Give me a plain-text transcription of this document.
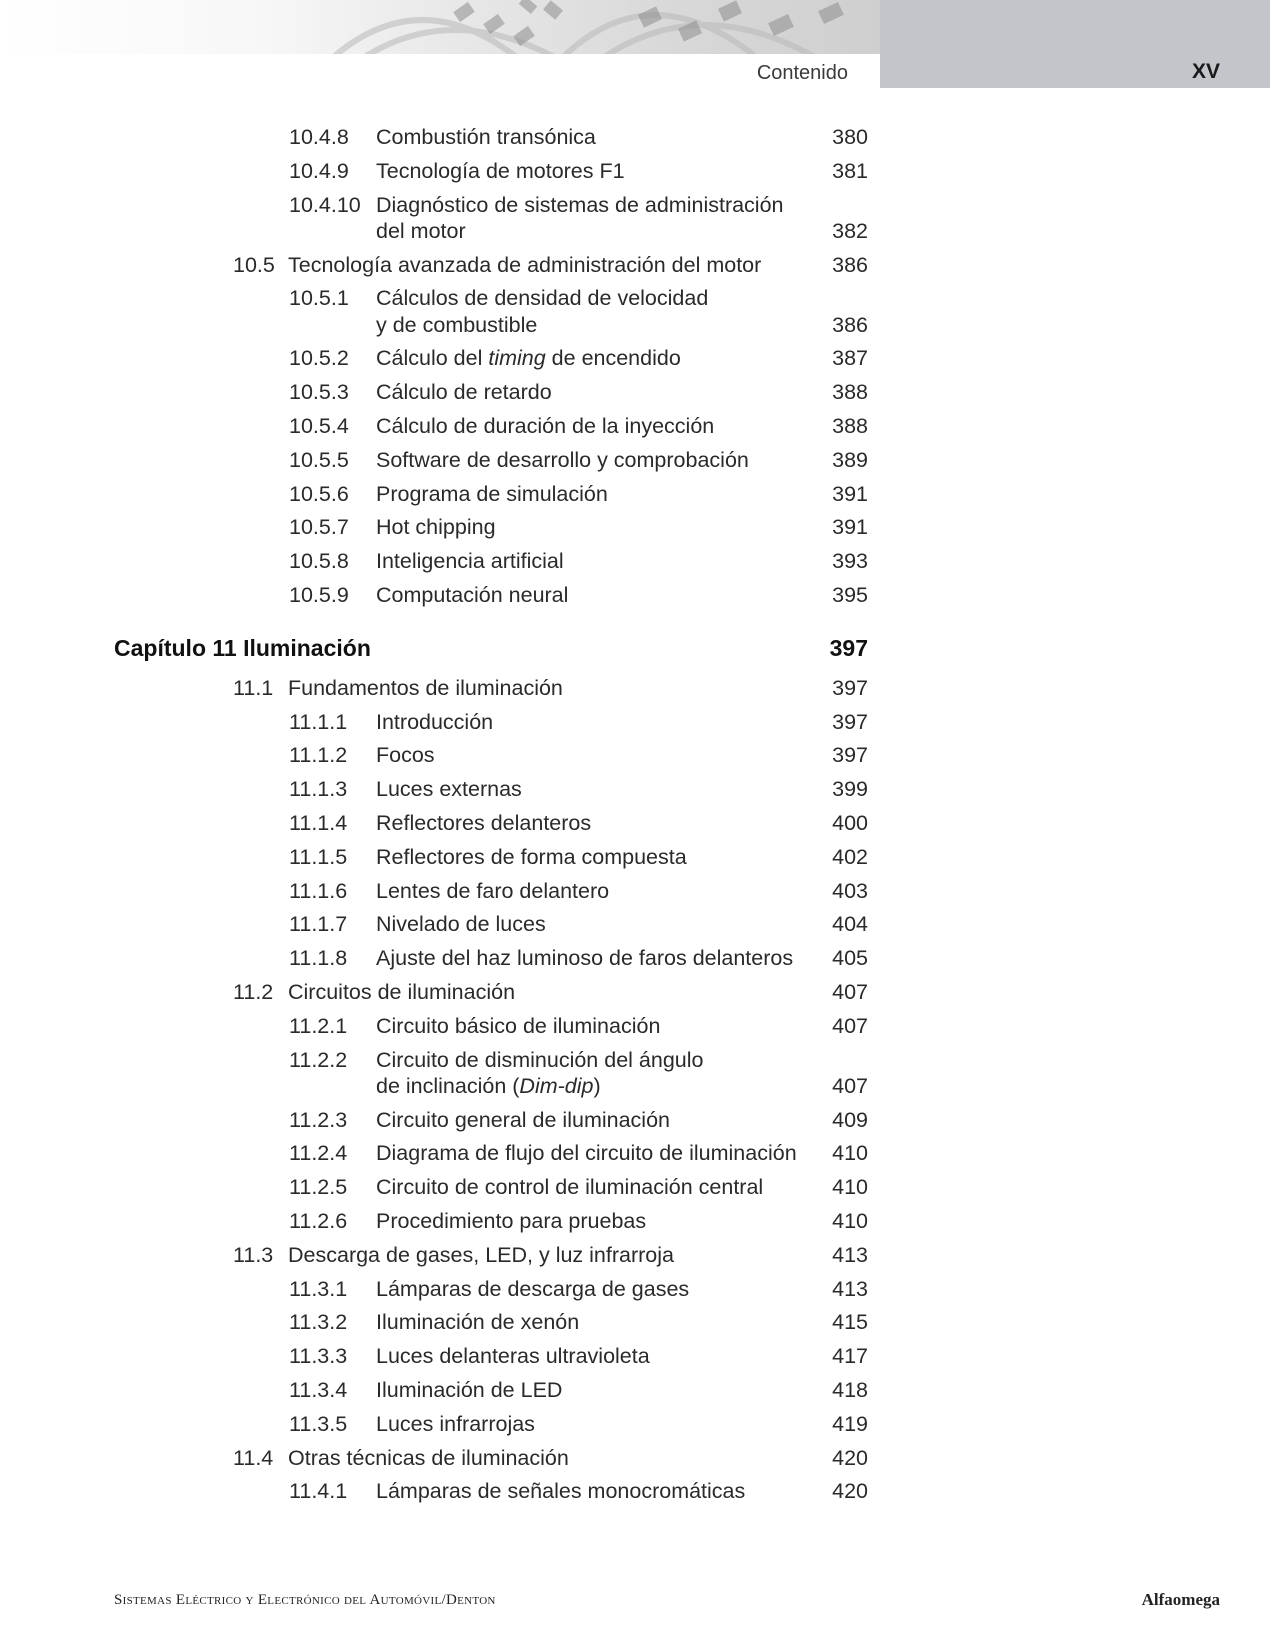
Contenido	XV
10.4.8 Combustión transónica	380
10.4.9 Tecnología de motores F1	381
10.4.10 Diagnóstico de sistemas de administración
del motor	382
10.5 Tecnología avanzada de administración del motor	386
10.5.1 Cálculos de densidad de velocidad
y de combustible	386
10.5.2 Cálculo del timing de encendido	387
10.5.3 Cálculo de retardo	388
10.5.4 Cálculo de duración de la inyección	388
10.5.5 Software de desarrollo y comprobación	389
10.5.6 Programa de simulación	391
10.5.7 Hot chipping	391
10.5.8 Inteligencia artificial	393
10.5.9 Computación neural	395
Capítulo 11 Iluminación	397
11.1 Fundamentos de iluminación	397
11.1.1 Introducción	397
11.1.2 Focos	397
11.1.3 Luces externas	399
11.1.4 Reflectores delanteros	400
11.1.5 Reflectores de forma compuesta	402
11.1.6 Lentes de faro delantero	403
11.1.7 Nivelado de luces	404
11.1.8 Ajuste del haz luminoso de faros delanteros	405
11.2 Circuitos de iluminación	407
11.2.1 Circuito básico de iluminación	407
11.2.2 Circuito de disminución del ángulo
de inclinación (Dim-dip)	407
11.2.3 Circuito general de iluminación	409
11.2.4 Diagrama de flujo del circuito de iluminación	410
11.2.5 Circuito de control de iluminación central	410
11.2.6 Procedimiento para pruebas	410
11.3 Descarga de gases, LED, y luz infrarroja	413
11.3.1 Lámparas de descarga de gases	413
11.3.2 Iluminación de xenón	415
11.3.3 Luces delanteras ultravioleta	417
11.3.4 Iluminación de LED	418
11.3.5 Luces infrarrojas	419
11.4 Otras técnicas de iluminación	420
11.4.1 Lámparas de señales monocromáticas	420
Sistemas Eléctrico y Electrónico del Automóvil/Denton	Alfaomega
